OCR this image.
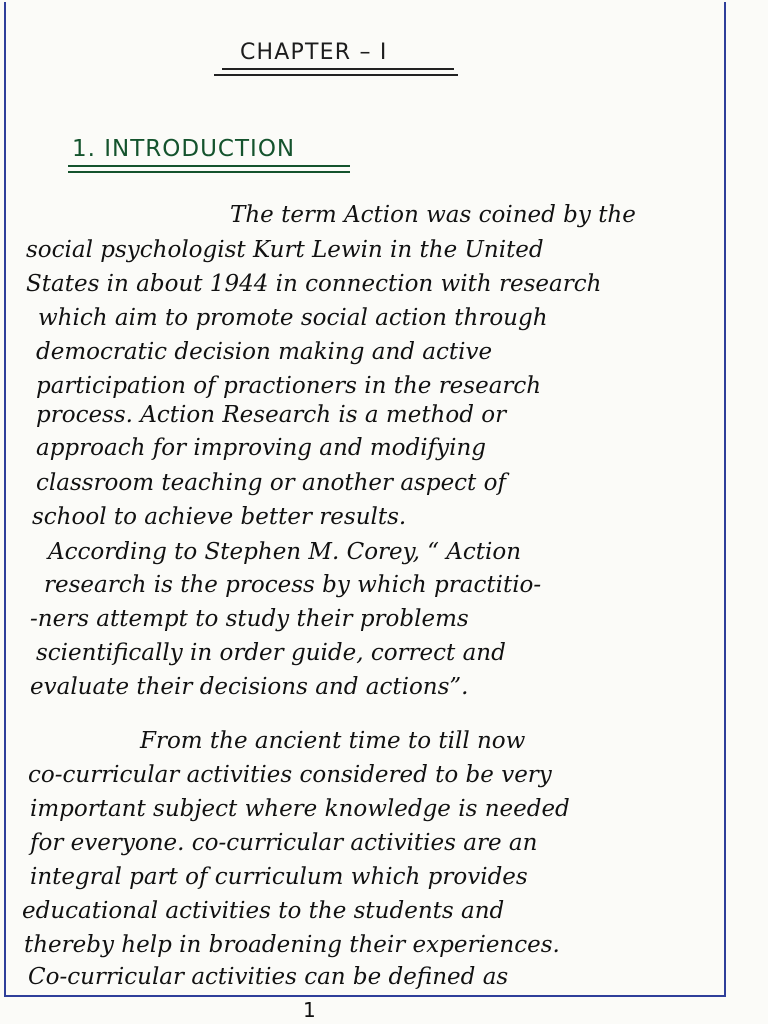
CHAPTER – I
1. INTRODUCTION
The term Action was coined by the
social psychologist Kurt Lewin in the United
States in about 1944 in connection with research
which aim to promote social action through
democratic decision making and active
participation of practioners in the research
process. Action Research is a method or
approach for improving and modifying
classroom teaching or another aspect of
school to achieve better results.
According to Stephen M. Corey, “ Action
research is the process by which practitio-
-ners attempt to study their problems
scientifically in order guide, correct and
evaluate their decisions and actions”.
From the ancient time to till now
co-curricular activities considered to be very
important subject where knowledge is needed
for everyone. co-curricular activities are an
integral part of curriculum which provides
educational activities to the students and
thereby help in broadening their experiences.
Co-curricular activities can be defined as
1
